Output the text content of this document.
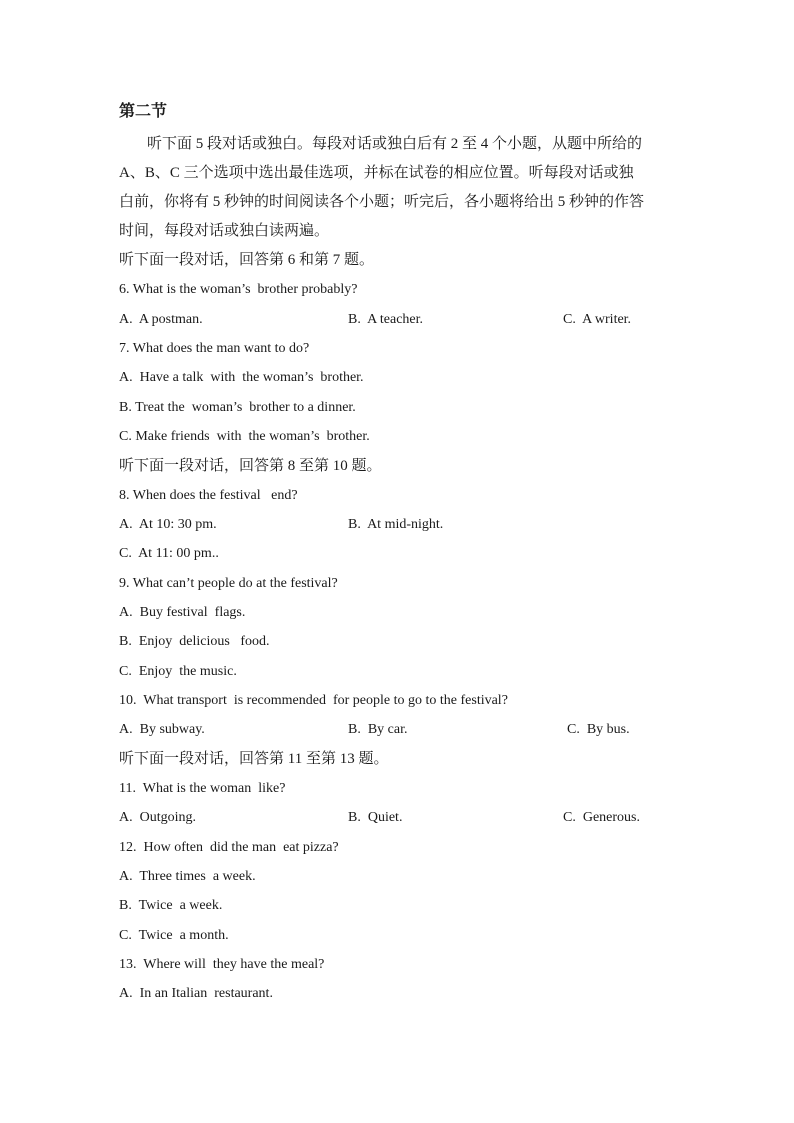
第二节
听下面 5 段对话或独白。每段对话或独白后有 2 至 4 个小题，从题中所给的
A、B、C 三个选项中选出最佳选项，并标在试卷的相应位置。听每段对话或独
白前，你将有 5 秒钟的时间阅读各个小题；听完后，各小题将给出 5 秒钟的作答
时间，每段对话或独白读两遍。
听下面一段对话，回答第 6 和第 7 题。
6. What is the woman’s  brother probably?
A.  A postman.	B.  A teacher.	C.  A writer.
7. What does the man want to do?
A.  Have a talk  with  the woman’s  brother.
B. Treat the  woman’s  brother to a dinner.
C. Make friends  with  the woman’s  brother.
听下面一段对话，回答第 8 至第 10 题。
8. When does the festival   end?
A.  At 10: 30 pm.	B.  At mid-night.
C.  At 11: 00 pm..
9. What can’t people do at the festival?
A.  Buy festival  flags.
B.  Enjoy  delicious   food.
C.  Enjoy  the music.
10.  What transport  is recommended  for people to go to the festival?
A.  By subway.	B.  By car.	C.  By bus.
听下面一段对话，回答第 11 至第 13 题。
11.  What is the woman  like?
A.  Outgoing.	B.  Quiet.	C.  Generous.
12.  How often  did the man  eat pizza?
A.  Three times  a week.
B.  Twice  a week.
C.  Twice  a month.
13.  Where will  they have the meal?
A.  In an Italian  restaurant.
